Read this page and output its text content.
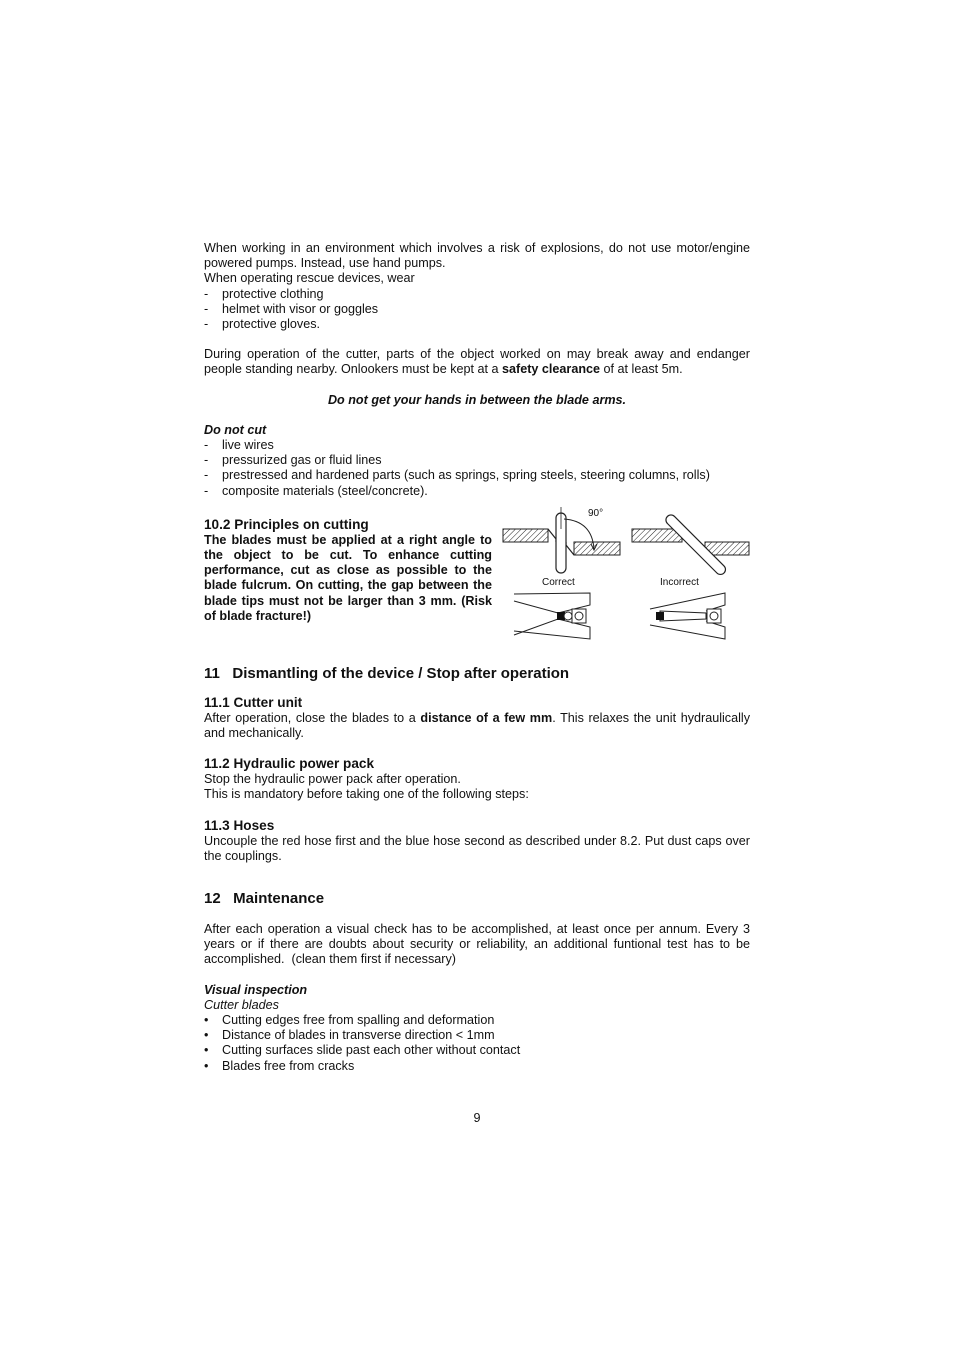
When working in an environment which involves a risk of explosions, do not use motor/engine powered pumps. Instead, use hand pumps.

When operating rescue devices, wear

- protective clothing
- helmet with visor or goggles
- protective gloves.

During operation of the cutter, parts of the object worked on may break away and endanger people standing nearby. Onlookers must be kept at a safety clearance of at least 5m.

Do not get your hands in between the blade arms.

Do not cut

- live wires
- pressurized gas or fluid lines
- prestressed and hardened parts (such as springs, spring steels, steering columns, rolls)
- composite materials (steel/concrete).
10.2 Principles on cutting

The blades must be applied at a right angle to the object to be cut. To enhance cutting performance, cut as close as possible to the blade fulcrum. On cutting, the gap between the blade tips must not be larger than 3 mm. (Risk of blade fracture!)

90°
Correct	Incorrect
11   Dismantling of the device / Stop after operation
11.1 Cutter unit

After operation, close the blades to a distance of a few mm. This relaxes the unit hydraulically and mechanically.

11.2 Hydraulic power pack

Stop the hydraulic power pack after operation.

This is mandatory before taking one of the following steps:

11.3 Hoses

Uncouple the red hose first and the blue hose second as described under 8.2. Put dust caps over the couplings.

12   Maintenance

After each operation a visual check has to be accomplished, at least once per annum. Every 3 years or if there are doubts about security or reliability, an additional funtional test has to be accomplished.  (clean them first if necessary)

Visual inspection

Cutter blades

• Cutting edges free from spalling and deformation
• Distance of blades in transverse direction < 1mm
• Cutting surfaces slide past each other without contact
• Blades free from cracks
9
